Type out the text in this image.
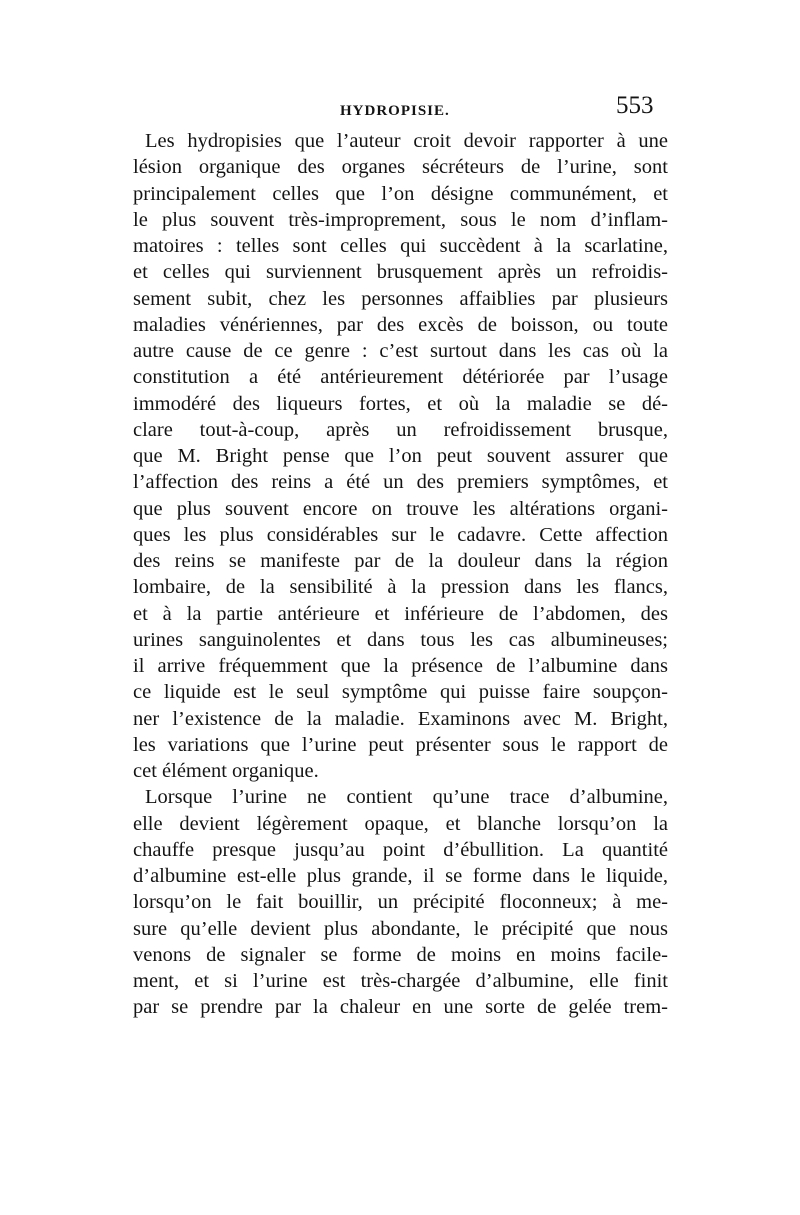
HYDROPISIE.	553
Les hydropisies que l’auteur croit devoir rapporter à une
lésion organique des organes sécréteurs de l’urine, sont
principalement celles que l’on désigne communément, et
le plus souvent très-improprement, sous le nom d’inflam-
matoires : telles sont celles qui succèdent à la scarlatine,
et celles qui surviennent brusquement après un refroidis-
sement subit, chez les personnes affaiblies par plusieurs
maladies vénériennes, par des excès de boisson, ou toute
autre cause de ce genre : c’est surtout dans les cas où la
constitution a été antérieurement détériorée par l’usage
immodéré des liqueurs fortes, et où la maladie se dé-
clare tout-à-coup, après un refroidissement brusque,
que M. Bright pense que l’on peut souvent assurer que
l’affection des reins a été un des premiers symptômes, et
que plus souvent encore on trouve les altérations organi-
ques les plus considérables sur le cadavre. Cette affection
des reins se manifeste par de la douleur dans la région
lombaire, de la sensibilité à la pression dans les flancs,
et à la partie antérieure et inférieure de l’abdomen, des
urines sanguinolentes et dans tous les cas albumineuses;
il arrive fréquemment que la présence de l’albumine dans
ce liquide est le seul symptôme qui puisse faire soupçon-
ner l’existence de la maladie. Examinons avec M. Bright,
les variations que l’urine peut présenter sous le rapport de
cet élément organique.
Lorsque l’urine ne contient qu’une trace d’albumine,
elle devient légèrement opaque, et blanche lorsqu’on la
chauffe presque jusqu’au point d’ébullition. La quantité
d’albumine est-elle plus grande, il se forme dans le liquide,
lorsqu’on le fait bouillir, un précipité floconneux; à me-
sure qu’elle devient plus abondante, le précipité que nous
venons de signaler se forme de moins en moins facile-
ment, et si l’urine est très-chargée d’albumine, elle finit
par se prendre par la chaleur en une sorte de gelée trem-
